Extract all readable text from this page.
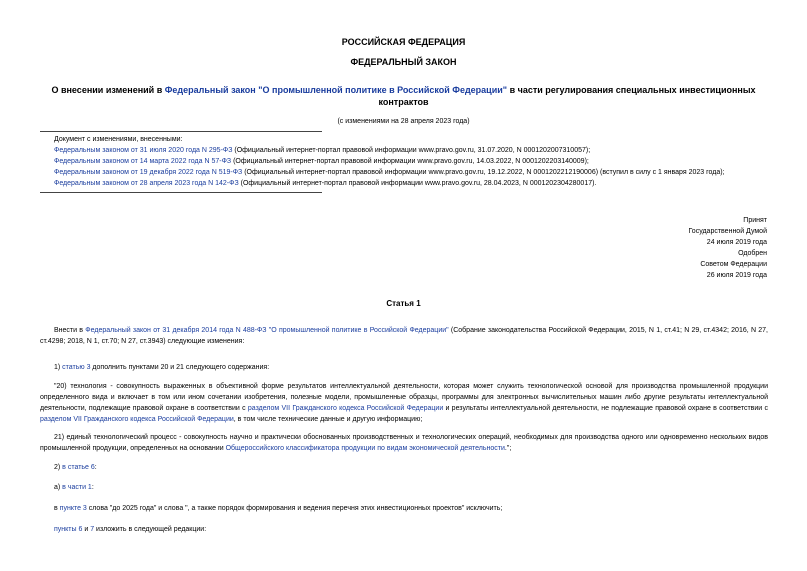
РОССИЙСКАЯ ФЕДЕРАЦИЯ
ФЕДЕРАЛЬНЫЙ ЗАКОН
О внесении изменений в Федеральный закон "О промышленной политике в Российской Федерации" в части регулирования специальных инвестиционных
контрактов
(с изменениями на 28 апреля 2023 года)
Документ с изменениями, внесенными:
Федеральным законом от 31 июля 2020 года N 295-ФЗ (Официальный интернет-портал правовой информации www.pravo.gov.ru, 31.07.2020, N 0001202007310057);
Федеральным законом от 14 марта 2022 года N 57-ФЗ (Официальный интернет-портал правовой информации www.pravo.gov.ru, 14.03.2022, N 0001202203140009);
Федеральным законом от 19 декабря 2022 года N 519-ФЗ (Официальный интернет-портал правовой информации www.pravo.gov.ru, 19.12.2022, N 0001202212190006) (вступил в силу с 1 января 2023 года);
Федеральным законом от 28 апреля 2023 года N 142-ФЗ (Официальный интернет-портал правовой информации www.pravo.gov.ru, 28.04.2023, N 0001202304280017).
Принят
Государственной Думой
24 июля 2019 года
Одобрен
Советом Федерации
26 июля 2019 года
Статья 1
Внести в Федеральный закон от 31 декабря 2014 года N 488-ФЗ "О промышленной политике в Российской Федерации" (Собрание законодательства Российской Федерации, 2015, N 1, ст.41; N 29, ст.4342; 2016, N 27, ст.4298; 2018, N 1, ст.70; N 27, ст.3943) следующие изменения:
1) статью 3 дополнить пунктами 20 и 21 следующего содержания:
"20) технология - совокупность выраженных в объективной форме результатов интеллектуальной деятельности, которая может служить технологической основой для производства промышленной продукции определенного вида и включает в том или ином сочетании изобретения, полезные модели, промышленные образцы, программы для электронных вычислительных машин либо другие результаты интеллектуальной деятельности, подлежащие правовой охране в соответствии с разделом VII Гражданского кодекса Российской Федерации и результаты интеллектуальной деятельности, не подлежащие правовой охране в соответствии с разделом VII Гражданского кодекса Российской Федерации, в том числе технические данные и другую информацию;
21) единый технологический процесс - совокупность научно и практически обоснованных производственных и технологических операций, необходимых для производства одного или одновременно нескольких видов промышленной продукции, определенных на основании Общероссийского классификатора продукции по видам экономической деятельности.";
2) в статье 6:
а) в части 1:
в пункте 3 слова "до 2025 года" и слова ", а также порядок формирования и ведения перечня этих инвестиционных проектов" исключить;
пункты 6 и 7 изложить в следующей редакции:
